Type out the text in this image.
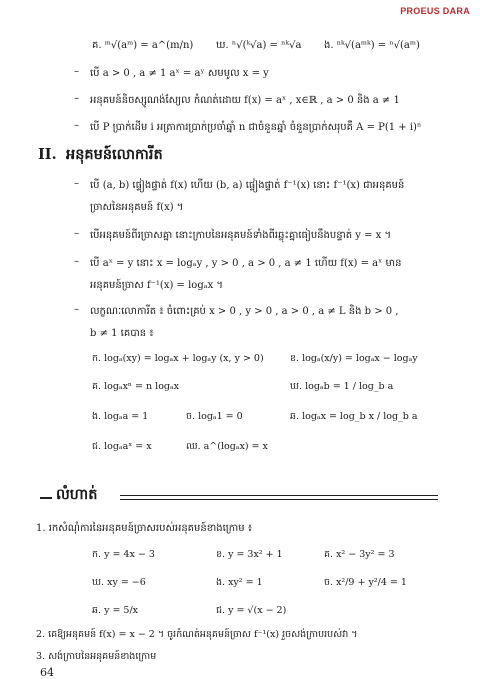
PROEUS DARA
គ. ᵐ√(aᵐ) = a^(m/n) ឃ. ⁿ√(ᵏ√a) = ⁿᵏ√a ង. ⁿᵏ√(aᵐᵏ) = ⁿ√(aᵐ)
– បើ a > 0 , a ≠ 1 aˣ = aʸ សមមូល x = y
– អនុគមន៍និចស្សូណង់ស្យែល កំណត់ដោយ f(x) = aˣ , x∈ℝ , a > 0 និង a ≠ 1
– បើ P ប្រាក់ដើម i អត្រាការប្រាក់ប្រចាំឆ្នាំ n ជាចំនួនឆ្នាំ ចំនួនប្រាក់សរុបគឺ A = P(1 + i)ⁿ
II. អនុគមន៍លោការីត
– បើ (a, b) ផ្ទៀងផ្ទាត់ f(x) ហើយ (b, a) ផ្ទៀងផ្ទាត់ f⁻¹(x) នោះ f⁻¹(x) ជាអនុគមន៍
ច្រាសនៃអនុគមន៍ f(x) ។
– បើអនុគមន៍ពីរច្រាសគ្នា នោះក្រាបនៃអនុគមន៍ទាំងពីរឆ្លុះគ្នាធៀបនឹងបន្ទាត់ y = x ។
– បើ aˣ = y នោះ x = logₐy , y > 0 , a > 0 , a ≠ 1 ហើយ f(x) = aˣ មាន
អនុគមន៍ច្រាស f⁻¹(x) = logₐx ។
– លក្ខណៈលោការីត ៖ ចំពោះគ្រប់ x > 0 , y > 0 , a > 0 , a ≠ L និង b > 0 ,
b ≠ 1 គេបាន ៖
ក. logₐ(xy) = logₐx + logₐy (x, y > 0)	ខ. logₐ(x/y) = logₐx − logₐy
គ. logₐxⁿ = n logₐx	ឃ. logₐb = 1 / log_b a
ង. logₐa = 1	ច. logₐ1 = 0	ឆ. logₐx = log_b x / log_b a
ជ. logₐaˣ = x	ឈ. a^(logₐx) = x
លំហាត់
1. រកសំណុំការនៃអនុគមន៍ច្រាសរបស់អនុគមន៍ខាងក្រោម ៖
ក. y = 4x − 3	ខ. y = 3x² + 1	គ. x² − 3y² = 3
ឃ. xy = −6	ង. xy² = 1	ច. x²/9 + y²/4 = 1
ឆ. y = 5/x	ជ. y = √(x − 2)
2. គេឱ្យអនុគមន៍ f(x) = x − 2 ។ ចូរកំណត់អនុគមន៍ច្រាស f⁻¹(x) រួចសង់ក្រាបរបស់វា ។
3. សង់ក្រាបនៃអនុគមន៍ខាងក្រោម
64
